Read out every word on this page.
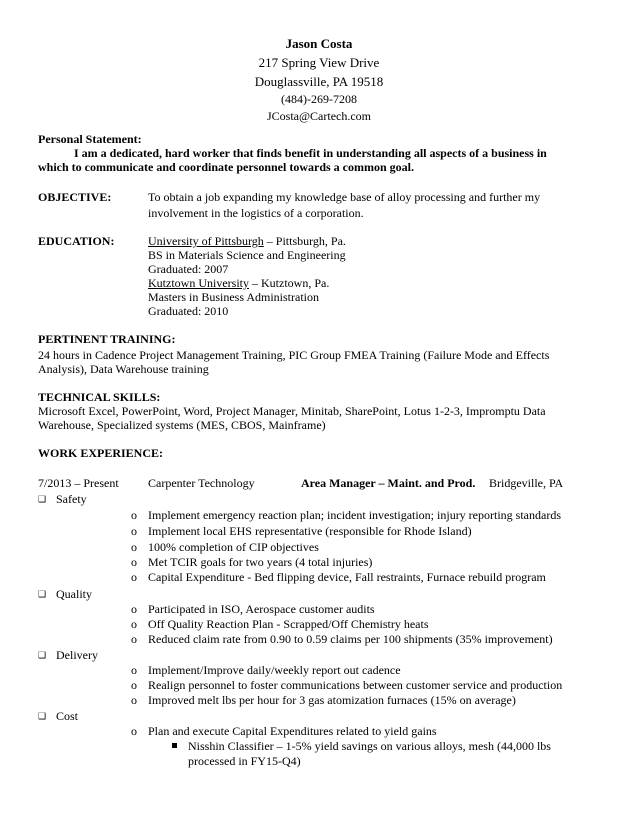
Jason Costa
217 Spring View Drive
Douglassville, PA 19518
(484)-269-7208
JCosta@Cartech.com
Personal Statement:
I am a dedicated, hard worker that finds benefit in understanding all aspects of a business in
which to communicate and coordinate personnel towards a common goal.
OBJECTIVE:	To obtain a job expanding my knowledge base of alloy processing and further my
involvement in the logistics of a corporation.
EDUCATION:	University of Pittsburgh – Pittsburgh, Pa.
BS in Materials Science and Engineering
Graduated: 2007
Kutztown University – Kutztown, Pa.
Masters in Business Administration
Graduated: 2010
PERTINENT TRAINING:
24 hours in Cadence Project Management Training, PIC Group FMEA Training (Failure Mode and Effects
Analysis), Data Warehouse training
TECHNICAL SKILLS:
Microsoft Excel, PowerPoint, Word, Project Manager, Minitab, SharePoint, Lotus 1-2-3, Impromptu Data
Warehouse, Specialized systems (MES, CBOS, Mainframe)
WORK EXPERIENCE:
7/2013 – Present Carpenter Technology	Area Manager – Maint. and Prod. Bridgeville, PA
❑ Safety
o Implement emergency reaction plan; incident investigation; injury reporting standards
o Implement local EHS representative (responsible for Rhode Island)
o 100% completion of CIP objectives
o Met TCIR goals for two years (4 total injuries)
o Capital Expenditure - Bed flipping device, Fall restraints, Furnace rebuild program
❑ Quality
o Participated in ISO, Aerospace customer audits
o Off Quality Reaction Plan - Scrapped/Off Chemistry heats
o Reduced claim rate from 0.90 to 0.59 claims per 100 shipments (35% improvement)
❑ Delivery
o Implement/Improve daily/weekly report out cadence
o Realign personnel to foster communications between customer service and production
o Improved melt lbs per hour for 3 gas atomization furnaces (15% on average)
❑ Cost
o Plan and execute Capital Expenditures related to yield gains
Nisshin Classifier – 1-5% yield savings on various alloys, mesh (44,000 lbs
processed in FY15-Q4)
